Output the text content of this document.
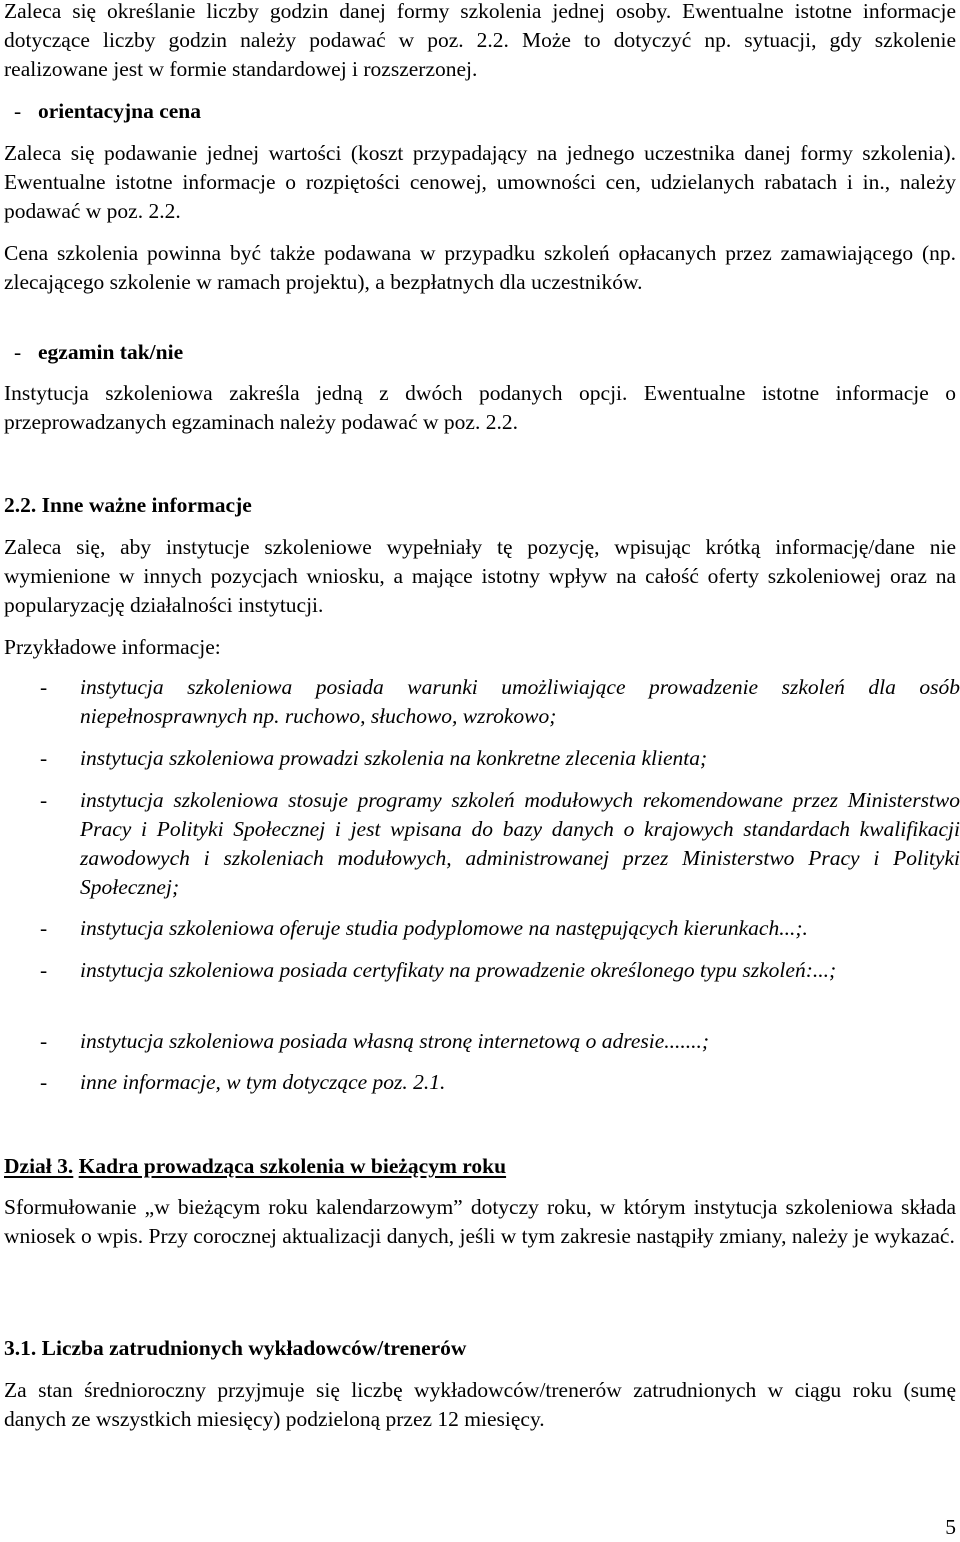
Zaleca się określanie liczby godzin danej formy szkolenia jednej osoby. Ewentualne istotne informacje dotyczące liczby godzin należy podawać w poz. 2.2. Może to dotyczyć np. sytuacji, gdy szkolenie realizowane jest w formie standardowej i rozszerzonej.

- orientacyjna cena

Zaleca się podawanie jednej wartości (koszt przypadający na jednego uczestnika danej formy szkolenia). Ewentualne istotne informacje o rozpiętości cenowej, umowności cen, udzielanych rabatach i in., należy podawać w poz. 2.2.

Cena szkolenia powinna być także podawana w przypadku szkoleń opłacanych przez zamawiającego (np. zlecającego szkolenie w ramach projektu), a bezpłatnych dla uczestników.

- egzamin tak/nie

Instytucja szkoleniowa zakreśla jedną z dwóch podanych opcji. Ewentualne istotne informacje o przeprowadzanych egzaminach należy podawać w poz. 2.2.

2.2. Inne ważne informacje

Zaleca się, aby instytucje szkoleniowe wypełniały tę pozycję, wpisując krótką informację/dane nie wymienione w innych pozycjach wniosku, a mające istotny wpływ na całość oferty szkoleniowej oraz na popularyzację działalności instytucji.

Przykładowe informacje:

- instytucja szkoleniowa posiada warunki umożliwiające prowadzenie szkoleń dla osób niepełnosprawnych np. ruchowo, słuchowo, wzrokowo;

- instytucja szkoleniowa prowadzi szkolenia na konkretne zlecenia klienta;

- instytucja szkoleniowa stosuje programy szkoleń modułowych rekomendowane przez Ministerstwo Pracy i Polityki Społecznej i jest wpisana do bazy danych o krajowych standardach kwalifikacji zawodowych i szkoleniach modułowych, administrowanej przez Ministerstwo Pracy i Polityki Społecznej;

- instytucja szkoleniowa oferuje studia podyplomowe na następujących kierunkach...;.

- instytucja szkoleniowa posiada certyfikaty na prowadzenie określonego typu szkoleń:...;

- instytucja szkoleniowa posiada własną stronę internetową o adresie.......;

- inne informacje, w tym dotyczące poz. 2.1.

Dział 3. Kadra prowadząca szkolenia w bieżącym roku

Sformułowanie „w bieżącym roku kalendarzowym” dotyczy roku, w którym instytucja szkoleniowa składa wniosek o wpis. Przy corocznej aktualizacji danych, jeśli w tym zakresie nastąpiły zmiany, należy je wykazać.

3.1. Liczba zatrudnionych wykładowców/trenerów

Za stan średnioroczny przyjmuje się liczbę wykładowców/trenerów zatrudnionych w ciągu roku (sumę danych ze wszystkich miesięcy) podzieloną przez 12 miesięcy.

5
